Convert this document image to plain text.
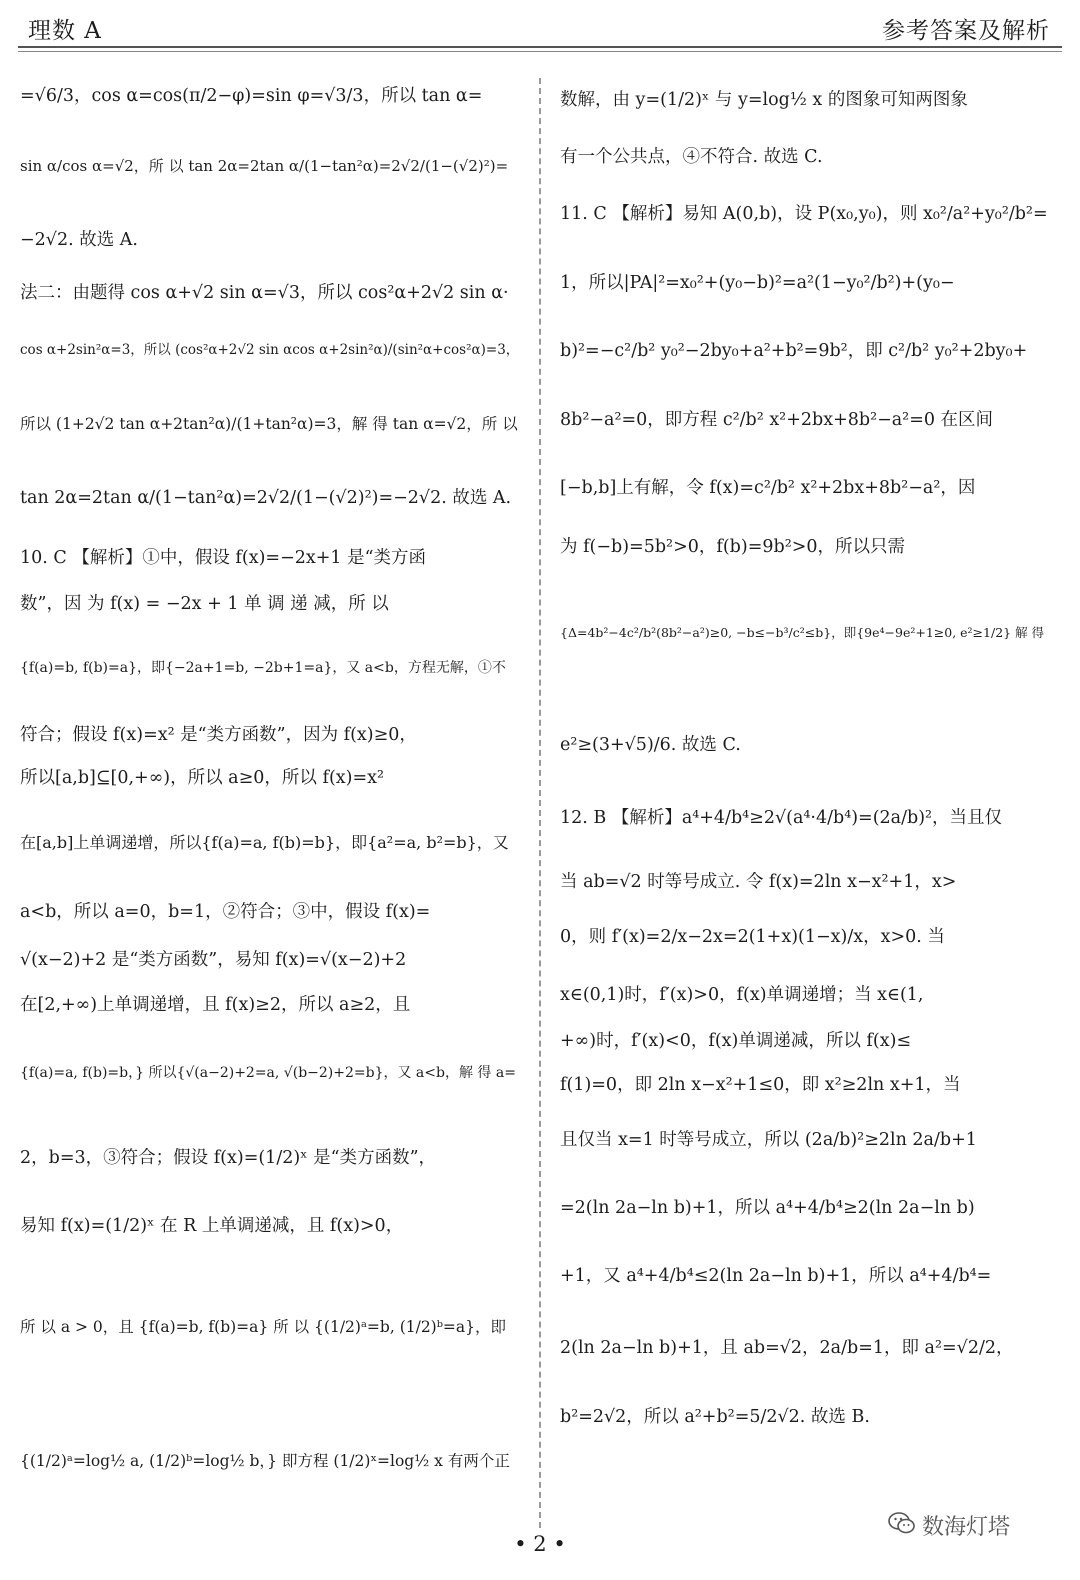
理数 A	参考答案及解析
=√6/3，cos α=cos(π/2−φ)=sin φ=√3/3，所以 tan α=
sin α/cos α=√2，所 以 tan 2α=2tan α/(1−tan²α)=2√2/(1−(√2)²)=
−2√2. 故选 A.
法二：由题得 cos α+√2 sin α=√3，所以 cos²α+2√2 sin α·
cos α+2sin²α=3，所以 (cos²α+2√2 sin αcos α+2sin²α)/(sin²α+cos²α)=3，
所以 (1+2√2 tan α+2tan²α)/(1+tan²α)=3，解 得 tan α=√2，所 以
tan 2α=2tan α/(1−tan²α)=2√2/(1−(√2)²)=−2√2. 故选 A.
10. C 【解析】①中，假设 f(x)=−2x+1 是“类方函
数”，因 为 f(x) = −2x + 1 单 调 递 减，所 以
{f(a)=b, f(b)=a}，即{−2a+1=b, −2b+1=a}，又 a<b，方程无解，①不
符合；假设 f(x)=x² 是“类方函数”，因为 f(x)≥0，
所以[a,b]⊆[0,+∞)，所以 a≥0，所以 f(x)=x²
在[a,b]上单调递增，所以{f(a)=a, f(b)=b}，即{a²=a, b²=b}，又
a<b，所以 a=0，b=1，②符合；③中，假设 f(x)=
√(x−2)+2 是“类方函数”，易知 f(x)=√(x−2)+2
在[2,+∞)上单调递增，且 f(x)≥2，所以 a≥2，且
{f(a)=a, f(b)=b，} 所以{√(a−2)+2=a, √(b−2)+2=b}，又 a<b，解 得 a=
2，b=3，③符合；假设 f(x)=(1/2)ˣ 是“类方函数”，
易知 f(x)=(1/2)ˣ 在 R 上单调递减，且 f(x)>0，
所 以 a > 0，且 {f(a)=b, f(b)=a} 所 以 {(1/2)ᵃ=b, (1/2)ᵇ=a}，即
{(1/2)ᵃ=log½ a, (1/2)ᵇ=log½ b，} 即方程 (1/2)ˣ=log½ x 有两个正
数解，由 y=(1/2)ˣ 与 y=log½ x 的图象可知两图象
有一个公共点，④不符合. 故选 C.
11. C 【解析】易知 A(0,b)，设 P(x₀,y₀)，则 x₀²/a²+y₀²/b²=
1，所以|PA|²=x₀²+(y₀−b)²=a²(1−y₀²/b²)+(y₀−
b)²=−c²/b² y₀²−2by₀+a²+b²=9b²，即 c²/b² y₀²+2by₀+
8b²−a²=0，即方程 c²/b² x²+2bx+8b²−a²=0 在区间
[−b,b]上有解，令 f(x)=c²/b² x²+2bx+8b²−a²，因
为 f(−b)=5b²>0，f(b)=9b²>0，所以只需
{Δ=4b²−4c²/b²(8b²−a²)≥0, −b≤−b³/c²≤b}，即{9e⁴−9e²+1≥0, e²≥1/2} 解 得
e²≥(3+√5)/6. 故选 C.
12. B 【解析】a⁴+4/b⁴≥2√(a⁴·4/b⁴)=(2a/b)²，当且仅
当 ab=√2 时等号成立. 令 f(x)=2ln x−x²+1，x>
0，则 f′(x)=2/x−2x=2(1+x)(1−x)/x，x>0. 当
x∈(0,1)时，f′(x)>0，f(x)单调递增；当 x∈(1,
+∞)时，f′(x)<0，f(x)单调递减，所以 f(x)≤
f(1)=0，即 2ln x−x²+1≤0，即 x²≥2ln x+1，当
且仅当 x=1 时等号成立，所以 (2a/b)²≥2ln 2a/b+1
=2(ln 2a−ln b)+1，所以 a⁴+4/b⁴≥2(ln 2a−ln b)
+1，又 a⁴+4/b⁴≤2(ln 2a−ln b)+1，所以 a⁴+4/b⁴=
2(ln 2a−ln b)+1，且 ab=√2，2a/b=1，即 a²=√2/2，
b²=2√2，所以 a²+b²=5/2√2. 故选 B.
• 2 •
数海灯塔
